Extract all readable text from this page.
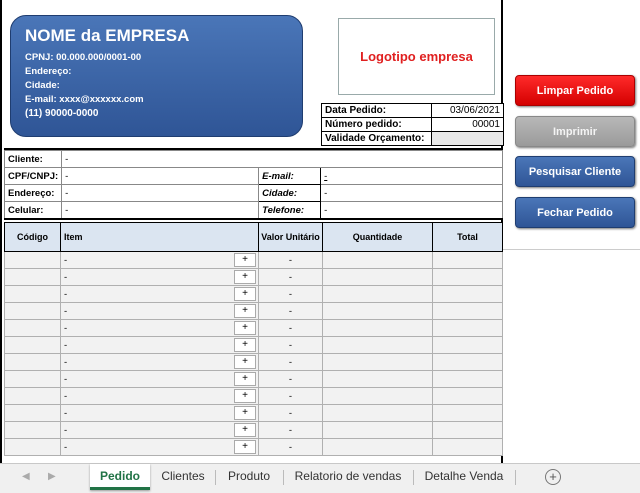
NOME da EMPRESA
CPNJ: 00.000.000/0001-00
Endereço:
Cidade:
E-mail: xxxx@xxxxxx.com
(11) 90000-0000
Logotipo empresa
Data Pedido:	03/06/2021
Número pedido:	00001
Validade Orçamento:	
Cliente:	-		
CPF/CNPJ:	-	E-mail:	-
Endereço:	-	Cidade:	-
Celular:	-	Telefone:	-
Código	Item	Valor Unitário	Quantidade	Total
	- +	-		
	- +	-		
	- +	-		
	- +	-		
	- +	-		
	- +	-		
	- +	-		
	- +	-		
	- +	-		
	- +	-		
	- +	-		
	- +	-		
Limpar Pedido
Imprimir
Pesquisar Cliente
Fechar Pedido
◀ ▶	Pedido	Clientes	Produto	Relatorio de vendas	Detalhe Venda	+
